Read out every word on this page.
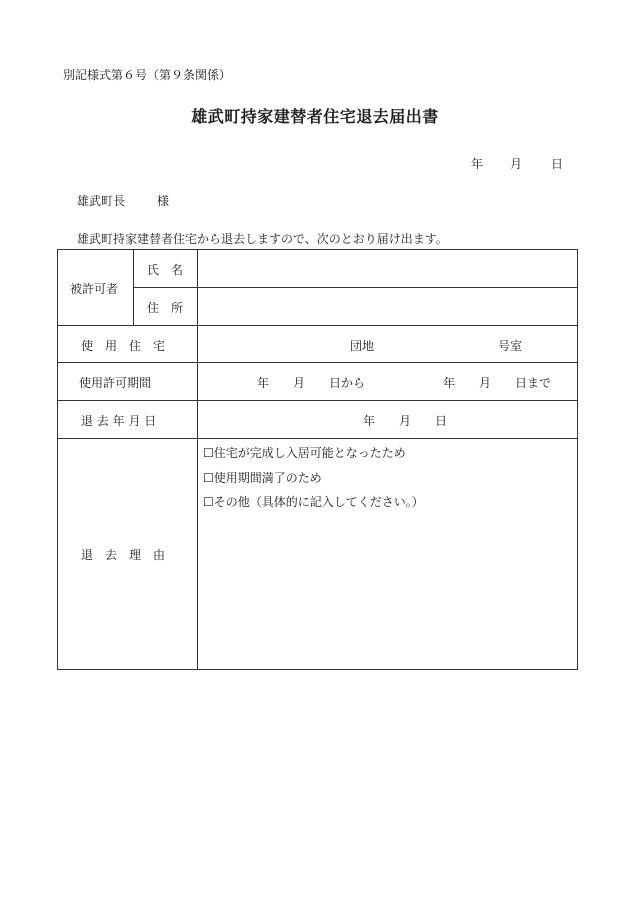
別記様式第６号（第９条関係）
雄武町持家建替者住宅退去届出書
年 月 日
雄武町長	様
雄武町持家建替者住宅から退去しますので、次のとおり届け出ます。
被許可者
氏　名
住　所
使　用　住　宅	団地	号室
使用許可期間	年　　月　　日から	年　　月　　日まで
退 去 年 月 日	年　　月　　日
退　去　理　由
☐住宅が完成し入居可能となったため
☐使用期間満了のため
☐その他（具体的に記入してください。）
